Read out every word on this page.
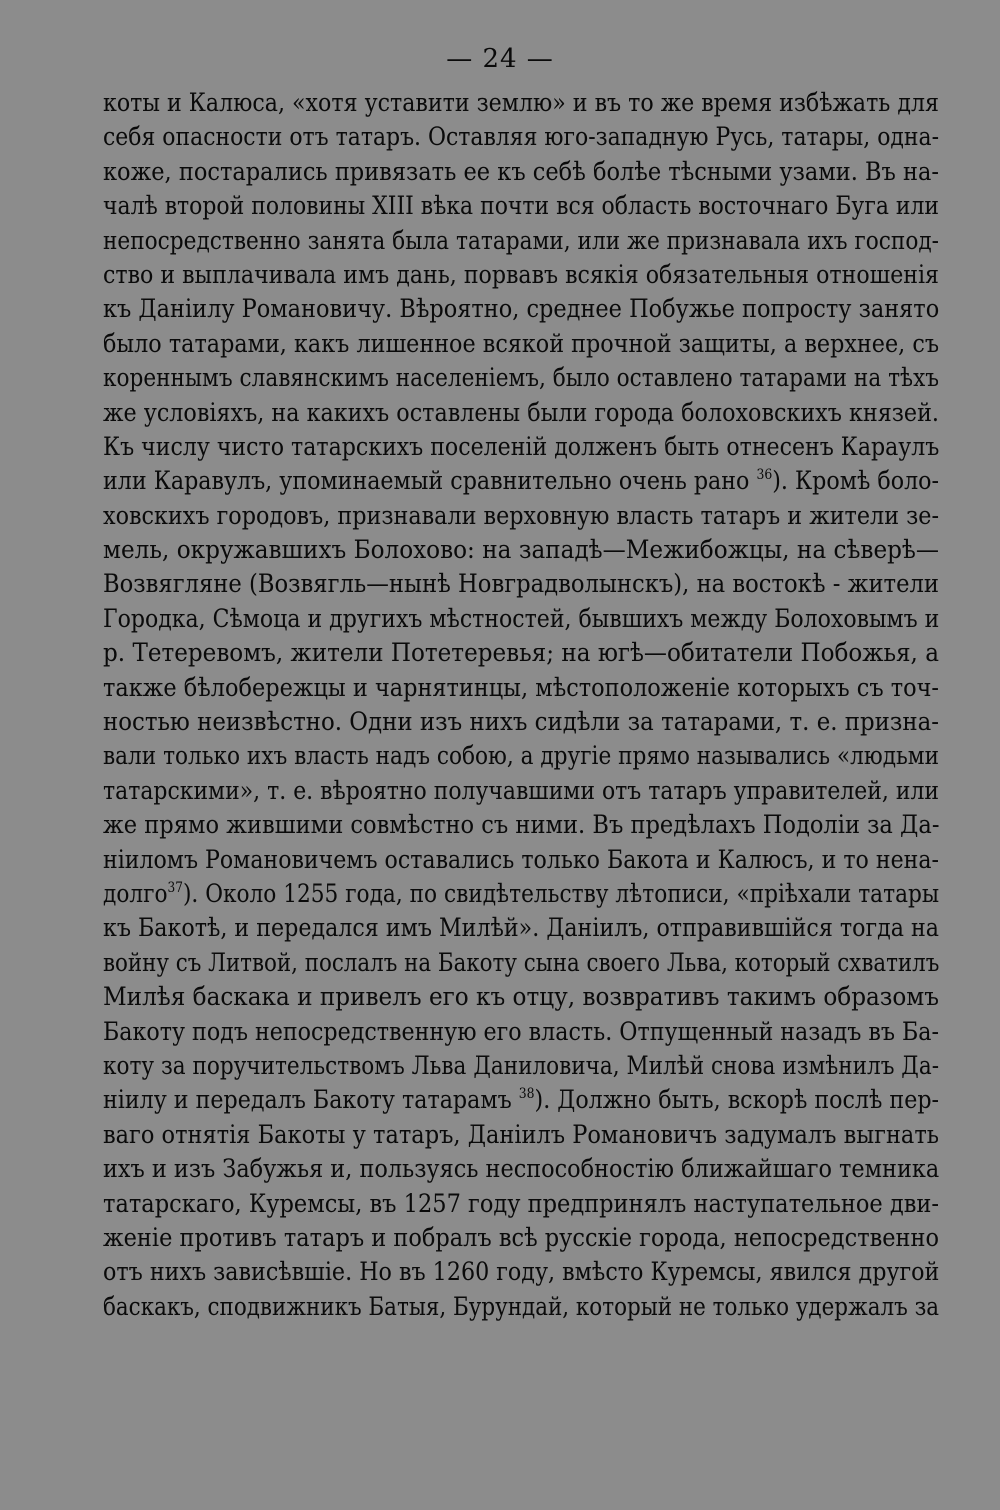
— 24 —
коты и Калюса, «хотя уставити землю» и въ то же время избѣжать для
себя опасности отъ татаръ. Оставляя юго-западную Русь, татары, одна-
коже, постарались привязать ее къ себѣ болѣе тѣсными узами. Въ на-
чалѣ второй половины XIII вѣка почти вся область восточнаго Буга или
непосредственно занята была татарами, или же признавала ихъ господ-
ство и выплачивала имъ дань, порвавъ всякія обязательныя отношенія
къ Даніилу Романовичу. Вѣроятно, среднее Побужье попросту занято
было татарами, какъ лишенное всякой прочной защиты, а верхнее, съ
кореннымъ славянскимъ населеніемъ, было оставлено татарами на тѣхъ
же условіяхъ, на какихъ оставлены были города болоховскихъ князей.
Къ числу чисто татарскихъ поселеній долженъ быть отнесенъ Караулъ
или Каравулъ, упоминаемый сравнительно очень рано $^{36}$). Кромѣ боло-
ховскихъ городовъ, признавали верховную власть татаръ и жители зе-
мель, окружавшихъ Болохово: на западѣ—Межибожцы, на сѣверѣ—
Возвягляне (Возвягль—нынѣ Новградволынскъ), на востокѣ - жители
Городка, Сѣмоца и другихъ мѣстностей, бывшихъ между Болоховымъ и
р. Тетеревомъ, жители Потетеревья; на югѣ—обитатели Побожья, а
также бѣлобережцы и чарнятинцы, мѣстоположеніе которыхъ съ точ-
ностью неизвѣстно. Одни изъ нихъ сидѣли за татарами, т. е. призна-
вали только ихъ власть надъ собою, а другіе прямо назывались «людьми
татарскими», т. е. вѣроятно получавшими отъ татаръ управителей, или
же прямо жившими совмѣстно съ ними. Въ предѣлахъ Подоліи за Да-
ніиломъ Романовичемъ оставались только Бакота и Калюсъ, и то нена-
долго$^{37}$). Около 1255 года, по свидѣтельству лѣтописи, «пріѣхали татары
къ Бакотѣ, и передался имъ Милѣй». Даніилъ, отправившійся тогда на
войну съ Литвой, послалъ на Бакоту сына своего Льва, который схватилъ
Милѣя баскака и привелъ его къ отцу, возвративъ такимъ образомъ
Бакоту подъ непосредственную его власть. Отпущенный назадъ въ Ба-
коту за поручительствомъ Льва Даниловича, Милѣй снова измѣнилъ Да-
ніилу и передалъ Бакоту татарамъ $^{38}$). Должно быть, вскорѣ послѣ пер-
ваго отнятія Бакоты у татаръ, Даніилъ Романовичъ задумалъ выгнать
ихъ и изъ Забужья и, пользуясь неспособностію ближайшаго темника
татарскаго, Куремсы, въ 1257 году предпринялъ наступательное дви-
женіе противъ татаръ и побралъ всѣ русскіе города, непосредственно
отъ нихъ зависѣвшіе. Но въ 1260 году, вмѣсто Куремсы, явился другой
баскакъ, сподвижникъ Батыя, Бурундай, который не только удержалъ за
